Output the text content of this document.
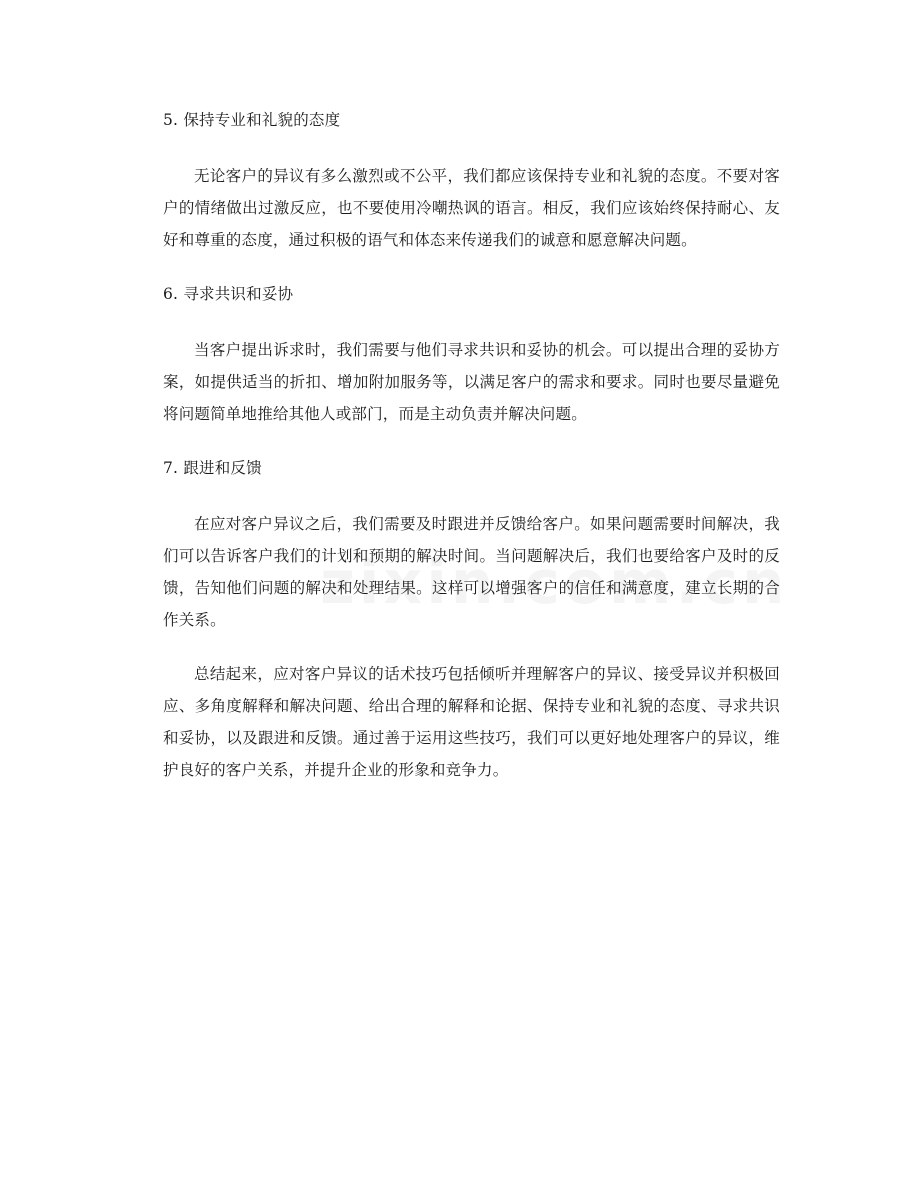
5. 保持专业和礼貌的态度

无论客户的异议有多么激烈或不公平，我们都应该保持专业和礼貌的态度。不要对客户的情绪做出过激反应，也不要使用冷嘲热讽的语言。相反，我们应该始终保持耐心、友好和尊重的态度，通过积极的语气和体态来传递我们的诚意和愿意解决问题。

6. 寻求共识和妥协

当客户提出诉求时，我们需要与他们寻求共识和妥协的机会。可以提出合理的妥协方案，如提供适当的折扣、增加附加服务等，以满足客户的需求和要求。同时也要尽量避免将问题简单地推给其他人或部门，而是主动负责并解决问题。

7. 跟进和反馈

在应对客户异议之后，我们需要及时跟进并反馈给客户。如果问题需要时间解决，我们可以告诉客户我们的计划和预期的解决时间。当问题解决后，我们也要给客户及时的反馈，告知他们问题的解决和处理结果。这样可以增强客户的信任和满意度，建立长期的合作关系。

总结起来，应对客户异议的话术技巧包括倾听并理解客户的异议、接受异议并积极回应、多角度解释和解决问题、给出合理的解释和论据、保持专业和礼貌的态度、寻求共识和妥协，以及跟进和反馈。通过善于运用这些技巧，我们可以更好地处理客户的异议，维护良好的客户关系，并提升企业的形象和竞争力。
